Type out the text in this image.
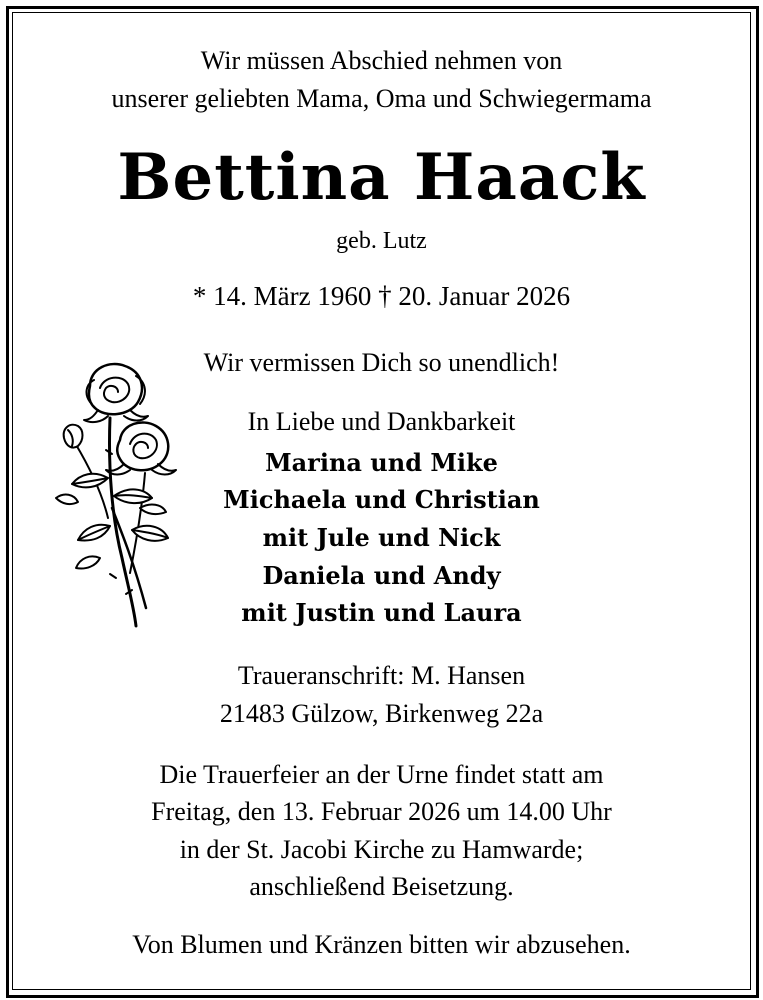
Wir müssen Abschied nehmen von
unserer geliebten Mama, Oma und Schwiegermama
Bettina Haack
geb. Lutz
* 14. März 1960 † 20. Januar 2026
Wir vermissen Dich so unendlich!
In Liebe und Dankbarkeit
Marina und Mike
Michaela und Christian
mit Jule und Nick
Daniela und Andy
mit Justin und Laura
Traueranschrift: M. Hansen
21483 Gülzow, Birkenweg 22a
Die Trauerfeier an der Urne findet statt am
Freitag, den 13. Februar 2026 um 14.00 Uhr
in der St. Jacobi Kirche zu Hamwarde;
anschließend Beisetzung.
Von Blumen und Kränzen bitten wir abzusehen.
